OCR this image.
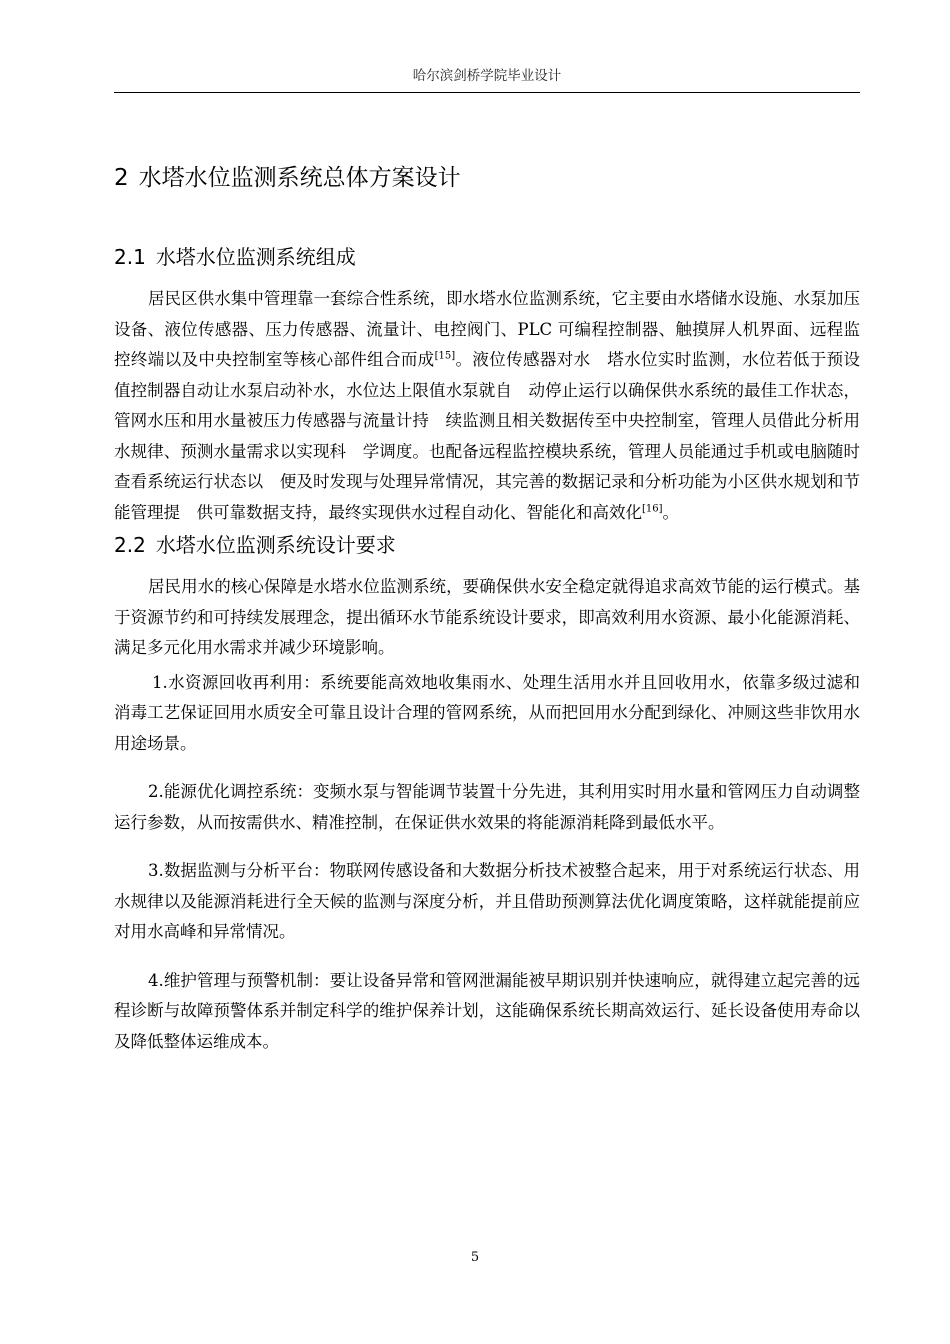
哈尔滨剑桥学院毕业设计
2 水塔水位监测系统总体方案设计
2.1 水塔水位监测系统组成

居民区供水集中管理靠一套综合性系统，即水塔水位监测系统，它主要由水塔储水设施、水泵加压设备、液位传感器、压力传感器、流量计、电控阀门、PLC 可编程控制器、触摸屏人机界面、远程监控终端以及中央控制室等核心部件组合而成[15]。液位传感器对水　塔水位实时监测，水位若低于预设值控制器自动让水泵启动补水，水位达上限值水泵就自　动停止运行以确保供水系统的最佳工作状态，管网水压和用水量被压力传感器与流量计持　续监测且相关数据传至中央控制室，管理人员借此分析用水规律、预测水量需求以实现科　学调度。也配备远程监控模块系统，管理人员能通过手机或电脑随时查看系统运行状态以　便及时发现与处理异常情况，其完善的数据记录和分析功能为小区供水规划和节能管理提　供可靠数据支持，最终实现供水过程自动化、智能化和高效化[16]。

2.2 水塔水位监测系统设计要求

居民用水的核心保障是水塔水位监测系统，要确保供水安全稳定就得追求高效节能的运行模式。基于资源节约和可持续发展理念，提出循环水节能系统设计要求，即高效利用水资源、最小化能源消耗、满足多元化用水需求并减少环境影响。

1.水资源回收再利用：系统要能高效地收集雨水、处理生活用水并且回收用水，依靠多级过滤和消毒工艺保证回用水质安全可靠且设计合理的管网系统，从而把回用水分配到绿化、冲厕这些非饮用水用途场景。

2.能源优化调控系统：变频水泵与智能调节装置十分先进，其利用实时用水量和管网压力自动调整运行参数，从而按需供水、精准控制，在保证供水效果的将能源消耗降到最低水平。

3.数据监测与分析平台：物联网传感设备和大数据分析技术被整合起来，用于对系统运行状态、用水规律以及能源消耗进行全天候的监测与深度分析，并且借助预测算法优化调度策略，这样就能提前应对用水高峰和异常情况。

4.维护管理与预警机制：要让设备异常和管网泄漏能被早期识别并快速响应，就得建立起完善的远程诊断与故障预警体系并制定科学的维护保养计划，这能确保系统长期高效运行、延长设备使用寿命以及降低整体运维成本。

5
